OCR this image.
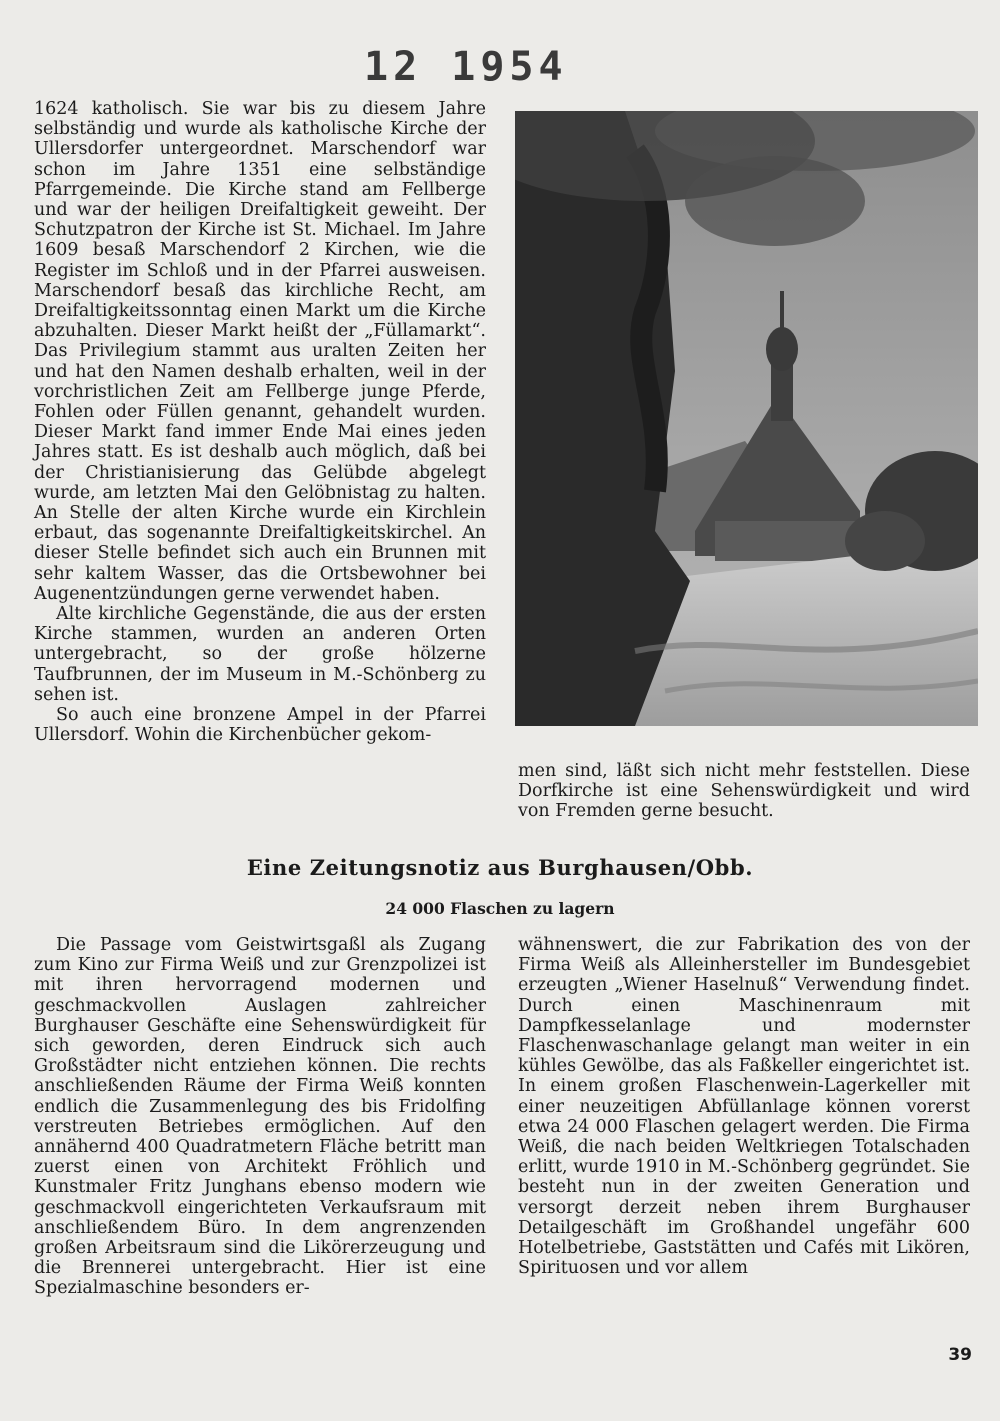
12 1954

1624 katholisch. Sie war bis zu diesem Jahre selbständig und wurde als katholische Kirche der Ullersdorfer untergeordnet. Marschendorf war schon im Jahre 1351 eine selbständige Pfarrgemeinde. Die Kirche stand am Fellberge und war der heiligen Dreifaltigkeit geweiht. Der Schutzpatron der Kirche ist St. Michael. Im Jahre 1609 besaß Marschendorf 2 Kirchen, wie die Register im Schloß und in der Pfarrei ausweisen. Marschendorf besaß das kirchliche Recht, am Dreifaltigkeitssonntag einen Markt um die Kirche abzuhalten. Dieser Markt heißt der „Füllamarkt“. Das Privilegium stammt aus uralten Zeiten her und hat den Namen deshalb erhalten, weil in der vorchristlichen Zeit am Fellberge junge Pferde, Fohlen oder Füllen genannt, gehandelt wurden. Dieser Markt fand immer Ende Mai eines jeden Jahres statt. Es ist deshalb auch möglich, daß bei der Christianisierung das Gelübde abgelegt wurde, am letzten Mai den Gelöbnistag zu halten. An Stelle der alten Kirche wurde ein Kirchlein erbaut, das sogenannte Dreifaltigkeitskirchel. An dieser Stelle befindet sich auch ein Brunnen mit sehr kaltem Wasser, das die Ortsbewohner bei Augenentzündungen gerne verwendet haben.

Alte kirchliche Gegenstände, die aus der ersten Kirche stammen, wurden an anderen Orten untergebracht, so der große hölzerne Taufbrunnen, der im Museum in M.-Schönberg zu sehen ist.

So auch eine bronzene Ampel in der Pfarrei Ullersdorf. Wohin die Kirchenbücher gekom-

men sind, läßt sich nicht mehr feststellen. Diese Dorfkirche ist eine Sehenswürdigkeit und wird von Fremden gerne besucht.

Eine Zeitungsnotiz aus Burghausen/Obb.
24 000 Flaschen zu lagern

Die Passage vom Geistwirtsgaßl als Zugang zum Kino zur Firma Weiß und zur Grenzpolizei ist mit ihren hervorragend modernen und geschmackvollen Auslagen zahlreicher Burghauser Geschäfte eine Sehenswürdigkeit für sich geworden, deren Eindruck sich auch Großstädter nicht entziehen können. Die rechts anschließenden Räume der Firma Weiß konnten endlich die Zusammenlegung des bis Fridolfing verstreuten Betriebes ermöglichen. Auf den annähernd 400 Quadratmetern Fläche betritt man zuerst einen von Architekt Fröhlich und Kunstmaler Fritz Junghans ebenso modern wie geschmackvoll eingerichteten Verkaufsraum mit anschließendem Büro. In dem angrenzenden großen Arbeitsraum sind die Likörerzeugung und die Brennerei untergebracht. Hier ist eine Spezialmaschine besonders er-

wähnenswert, die zur Fabrikation des von der Firma Weiß als Alleinhersteller im Bundesgebiet erzeugten „Wiener Haselnuß“ Verwendung findet. Durch einen Maschinenraum mit Dampfkesselanlage und modernster Flaschenwaschanlage gelangt man weiter in ein kühles Gewölbe, das als Faßkeller eingerichtet ist. In einem großen Flaschenwein-Lagerkeller mit einer neuzeitigen Abfüllanlage können vorerst etwa 24 000 Flaschen gelagert werden. Die Firma Weiß, die nach beiden Weltkriegen Totalschaden erlitt, wurde 1910 in M.-Schönberg gegründet. Sie besteht nun in der zweiten Generation und versorgt derzeit neben ihrem Burghauser Detailgeschäft im Großhandel ungefähr 600 Hotelbetriebe, Gaststätten und Cafés mit Likören, Spirituosen und vor allem

39
